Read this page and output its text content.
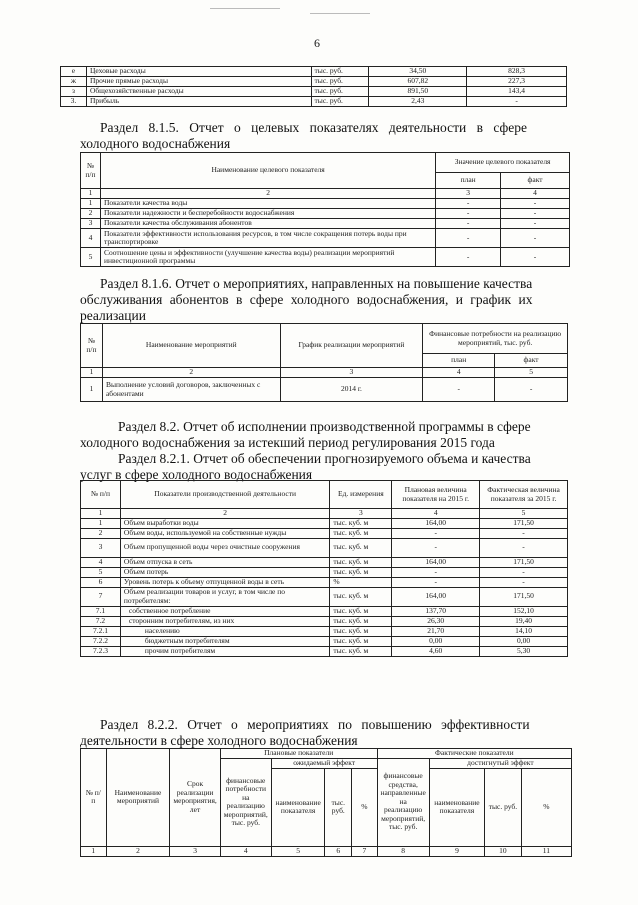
6
е	Цеховые расходы	тыс. руб.	34,50	828,3
ж	Прочие прямые расходы	тыс. руб.	607,82	227,3
з	Общехозяйственные расходы	тыс. руб.	891,50	143,4
3.	Прибыль	тыс. руб.	2,43	-
Раздел 8.1.5. Отчет о целевых показателях деятельности в сфере
холодного водоснабжения
№ п/п	Наименование целевого показателя	Значение целевого показателя	
		план	факт
1	2	3	4
1	Показатели качества воды	-	-
2	Показатели надежности и бесперебойности водоснабжения	-	-
3	Показатели качества обслуживания абонентов	-	-
4	Показатели эффективности использования ресурсов, в том числе сокращения потерь воды при транспортировке	-	-
5	Соотношение цены и эффективности (улучшение качества воды) реализации мероприятий инвестиционной программы	-	-
Раздел 8.1.6. Отчет о мероприятиях, направленных на повышение качества
обслуживания абонентов в сфере холодного водоснабжения, и график их
реализации
№ п/п	Наименование мероприятий	График реализации мероприятий	Финансовые потребности на реализацию мероприятий, тыс. руб.	
			план	факт
1	2	3	4	5
1	Выполнение условий договоров, заключенных с абонентами	2014 г.	-	-
Раздел 8.2. Отчет об исполнении производственной программы в сфере
холодного водоснабжения за истекший период регулирования 2015 года
Раздел 8.2.1. Отчет об обеспечении прогнозируемого объема и качества
услуг в сфере холодного водоснабжения
№ п/п	Показатели производственной деятельности	Ед. измерения	Плановая величина показателя на 2015 г.	Фактическая величина показателя за 2015 г.
1	2	3	4	5
1	Объем выработки воды	тыс. куб. м	164,00	171,50
2	Объем воды, используемой на собственные нужды	тыс. куб. м	-	-
3	Объем пропущенной воды через очистные сооружения	тыс. куб. м	-	-
4	Объем отпуска в сеть	тыс. куб. м	164,00	171,50
5	Объем потерь	тыс. куб. м	-	-
6	Уровень потерь к объему отпущенной воды в сеть	%	-	-
7	Объем реализации товаров и услуг, в том числе по потребителям:	тыс. куб. м	164,00	171,50
7.1	собственное потребление	тыс. куб. м	137,70	152,10
7.2	сторонним потребителям, из них	тыс. куб. м	26,30	19,40
7.2.1	населению	тыс. куб. м	21,70	14,10
7.2.2	бюджетным потребителям	тыс. куб. м	0,00	0,00
7.2.3	прочим потребителям	тыс. куб. м	4,60	5,30
Раздел 8.2.2. Отчет о мероприятиях по повышению эффективности
деятельности в сфере холодного водоснабжения
№ п/п	Наименование мероприятий	Срок реализации мероприятия, лет	Плановые показатели				Фактические показатели			
			финансовые потребности на реализацию мероприятий, тыс. руб.	ожидаемый эффект			финансовые средства, направленные на реализацию мероприятий, тыс. руб.	достигнутый эффект		
				наименование показателя	тыс. руб.	%		наименование показателя	тыс. руб.	%
1	2	3	4	5	6	7	8	9	10	11
